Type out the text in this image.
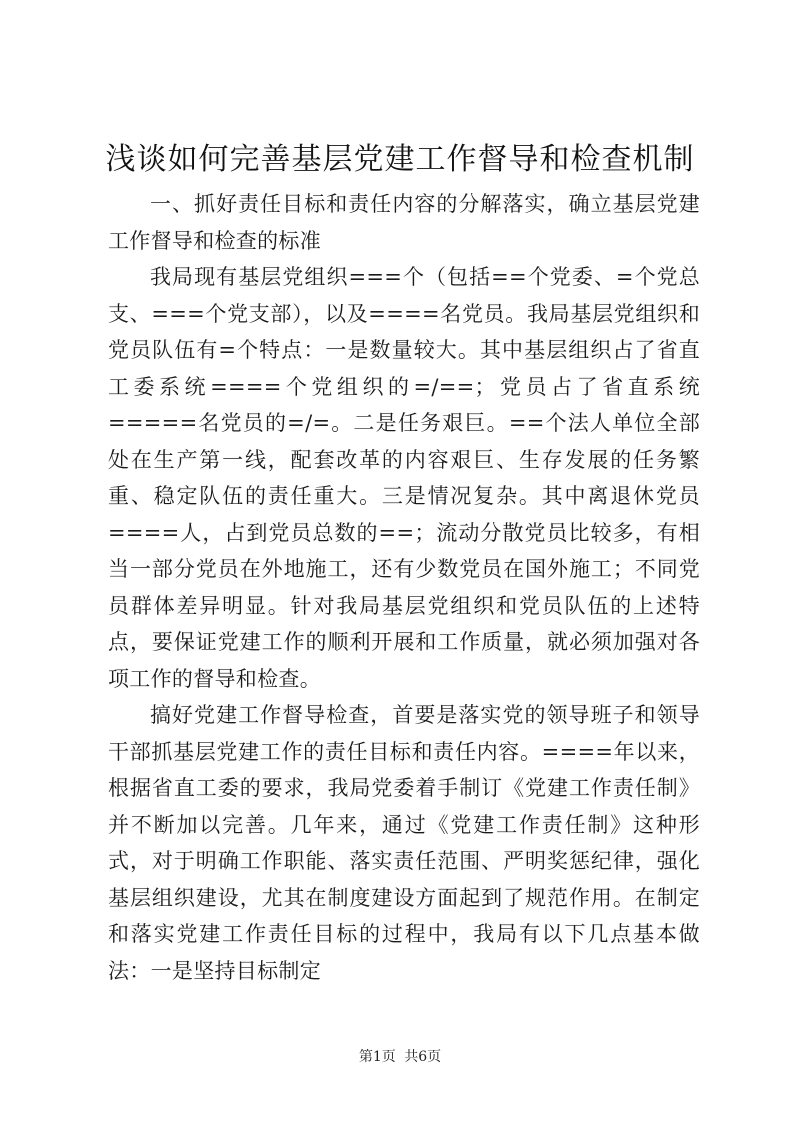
浅谈如何完善基层党建工作督导和检查机制

一、抓好责任目标和责任内容的分解落实，确立基层党建工作督导和检查的标准

我局现有基层党组织===个（包括==个党委、=个党总支、===个党支部），以及====名党员。我局基层党组织和党员队伍有=个特点：一是数量较大。其中基层组织占了省直工委系统====个党组织的=/==；党员占了省直系统=====名党员的=/=。二是任务艰巨。==个法人单位全部处在生产第一线，配套改革的内容艰巨、生存发展的任务繁重、稳定队伍的责任重大。三是情况复杂。其中离退休党员====人，占到党员总数的==；流动分散党员比较多，有相当一部分党员在外地施工，还有少数党员在国外施工；不同党员群体差异明显。针对我局基层党组织和党员队伍的上述特点，要保证党建工作的顺利开展和工作质量，就必须加强对各项工作的督导和检查。

搞好党建工作督导检查，首要是落实党的领导班子和领导干部抓基层党建工作的责任目标和责任内容。====年以来，根据省直工委的要求，我局党委着手制订《党建工作责任制》并不断加以完善。几年来，通过《党建工作责任制》这种形式，对于明确工作职能、落实责任范围、严明奖惩纪律，强化基层组织建设，尤其在制度建设方面起到了规范作用。在制定和落实党建工作责任目标的过程中，我局有以下几点基本做法：一是坚持目标制定

第1页 共6页
